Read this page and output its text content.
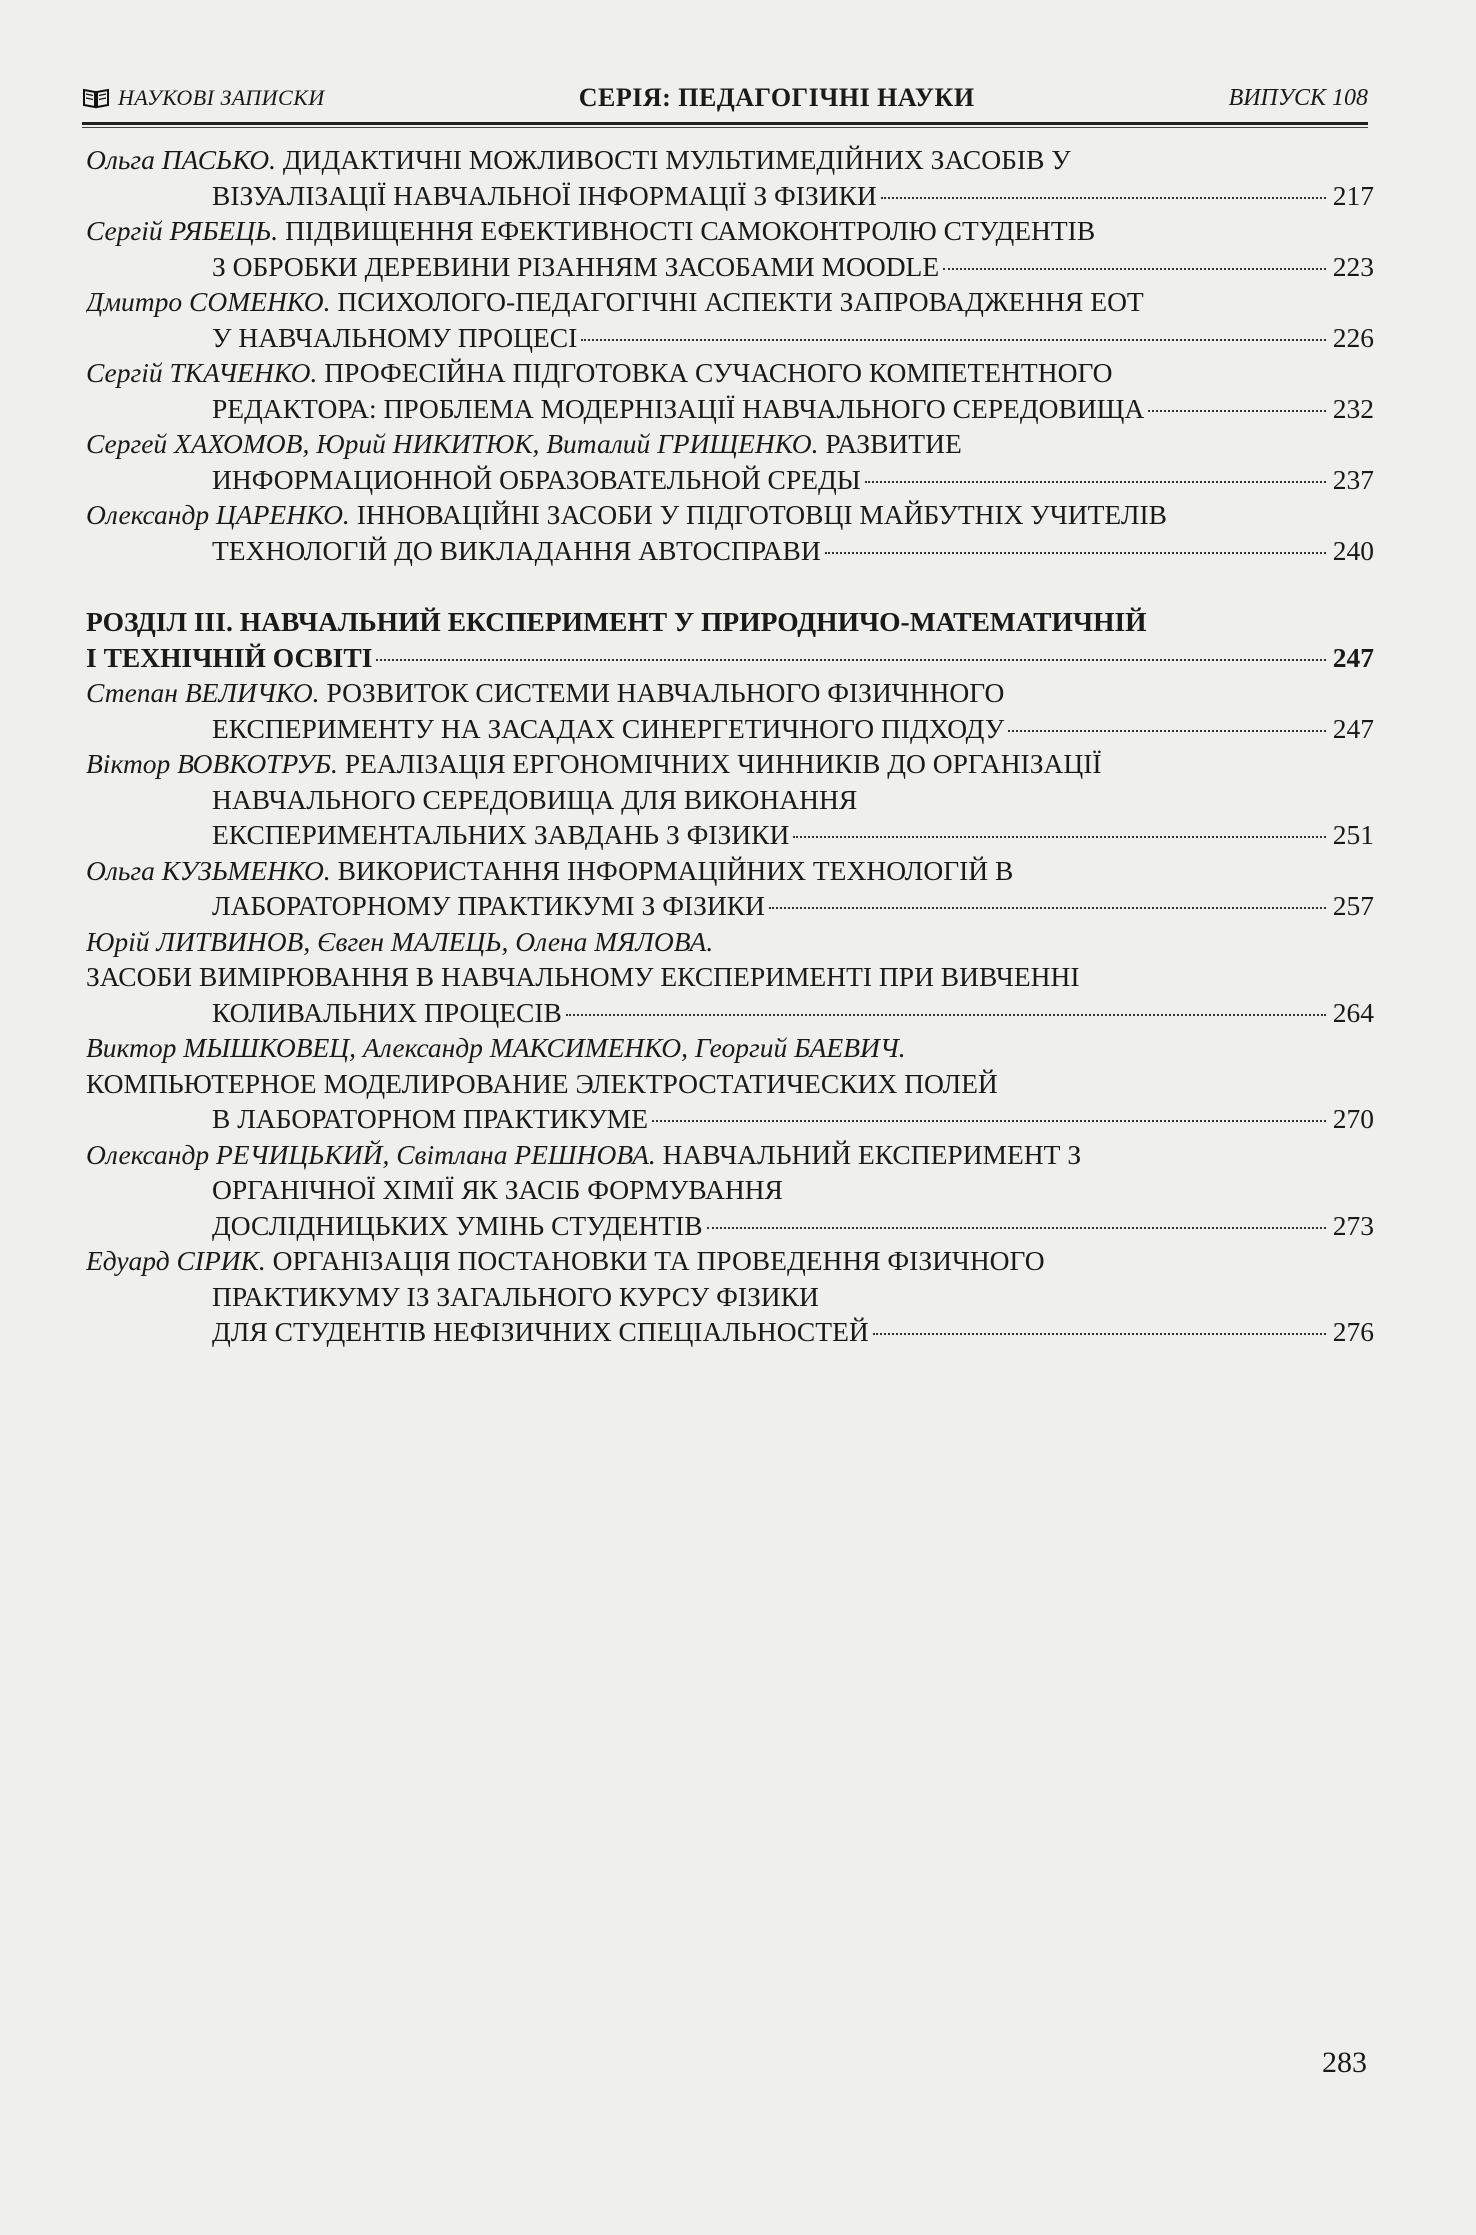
НАУКОВІ ЗАПИСКИ	СЕРІЯ: ПЕДАГОГІЧНІ НАУКИ	ВИПУСК 108
Ольга ПАСЬКО. ДИДАКТИЧНІ МОЖЛИВОСТІ МУЛЬТИМЕДІЙНИХ ЗАСОБІВ У
ВІЗУАЛІЗАЦІЇ НАВЧАЛЬНОЇ ІНФОРМАЦІЇ З ФІЗИКИ	217
Сергій РЯБЕЦЬ. ПІДВИЩЕННЯ ЕФЕКТИВНОСТІ САМОКОНТРОЛЮ СТУДЕНТІВ
З ОБРОБКИ ДЕРЕВИНИ РІЗАННЯМ ЗАСОБАМИ MOODLE	223
Дмитро СОМЕНКО. ПСИХОЛОГО-ПЕДАГОГІЧНІ АСПЕКТИ ЗАПРОВАДЖЕННЯ ЕОТ
У НАВЧАЛЬНОМУ ПРОЦЕСІ	226
Сергій ТКАЧЕНКО. ПРОФЕСІЙНА ПІДГОТОВКА СУЧАСНОГО КОМПЕТЕНТНОГО
РЕДАКТОРА: ПРОБЛЕМА МОДЕРНІЗАЦІЇ НАВЧАЛЬНОГО СЕРЕДОВИЩА	232
Сергей ХАХОМОВ, Юрий НИКИТЮК, Виталий ГРИЩЕНКО. РАЗВИТИЕ
ИНФОРМАЦИОННОЙ ОБРАЗОВАТЕЛЬНОЙ СРЕДЫ	237
Олександр ЦАРЕНКО. ІННОВАЦІЙНІ ЗАСОБИ У ПІДГОТОВЦІ МАЙБУТНІХ УЧИТЕЛІВ
ТЕХНОЛОГІЙ ДО ВИКЛАДАННЯ АВТОСПРАВИ	240
РОЗДІЛ ІІІ. НАВЧАЛЬНИЙ ЕКСПЕРИМЕНТ У ПРИРОДНИЧО-МАТЕМАТИЧНІЙ
І ТЕХНІЧНІЙ ОСВІТІ	247
Степан ВЕЛИЧКО. РОЗВИТОК СИСТЕМИ НАВЧАЛЬНОГО ФІЗИЧННОГО
ЕКСПЕРИМЕНТУ НА ЗАСАДАХ СИНЕРГЕТИЧНОГО ПІДХОДУ	247
Віктор ВОВКОТРУБ. РЕАЛІЗАЦІЯ ЕРГОНОМІЧНИХ ЧИННИКІВ ДО ОРГАНІЗАЦІЇ
НАВЧАЛЬНОГО СЕРЕДОВИЩА ДЛЯ ВИКОНАННЯ
ЕКСПЕРИМЕНТАЛЬНИХ ЗАВДАНЬ З ФІЗИКИ	251
Ольга КУЗЬМЕНКО. ВИКОРИСТАННЯ ІНФОРМАЦІЙНИХ ТЕХНОЛОГІЙ В
ЛАБОРАТОРНОМУ ПРАКТИКУМІ З ФІЗИКИ	257
Юрій ЛИТВИНОВ, Євген МАЛЕЦЬ, Олена МЯЛОВА.
ЗАСОБИ ВИМІРЮВАННЯ В НАВЧАЛЬНОМУ ЕКСПЕРИМЕНТІ ПРИ ВИВЧЕННІ
КОЛИВАЛЬНИХ ПРОЦЕСІВ	264
Виктор МЫШКОВЕЦ, Александр МАКСИМЕНКО, Георгий БАЕВИЧ.
КОМПЬЮТЕРНОЕ МОДЕЛИРОВАНИЕ ЭЛЕКТРОСТАТИЧЕСКИХ ПОЛЕЙ
В ЛАБОРАТОРНОМ ПРАКТИКУМЕ	270
Олександр РЕЧИЦЬКИЙ, Світлана РЕШНОВА. НАВЧАЛЬНИЙ ЕКСПЕРИМЕНТ З
ОРГАНІЧНОЇ ХІМІЇ ЯК ЗАСІБ ФОРМУВАННЯ
ДОСЛІДНИЦЬКИХ УМІНЬ СТУДЕНТІВ	273
Едуард СІРИК. ОРГАНІЗАЦІЯ ПОСТАНОВКИ ТА ПРОВЕДЕННЯ ФІЗИЧНОГО
ПРАКТИКУМУ ІЗ ЗАГАЛЬНОГО КУРСУ ФІЗИКИ
ДЛЯ СТУДЕНТІВ НЕФІЗИЧНИХ СПЕЦІАЛЬНОСТЕЙ	276
283
